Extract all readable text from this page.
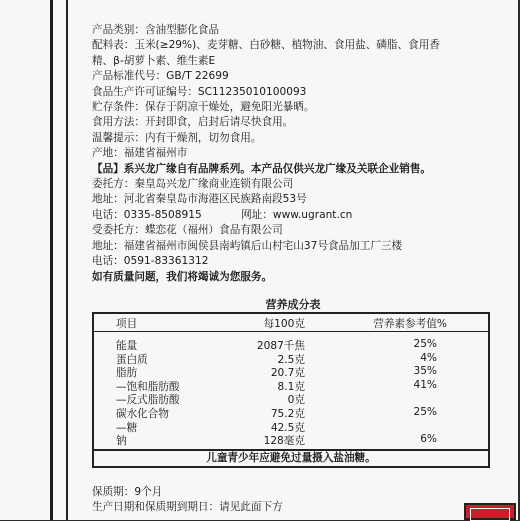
产品类别：含油型膨化食品
配料表：玉米(≥29%)、麦芽糖、白砂糖、植物油、食用盐、磷脂、食用香
精、β-胡萝卜素、维生素E
产品标准代号：GB/T 22699
食品生产许可证编号：SC11235010100093
贮存条件：保存于阴凉干燥处，避免阳光暴晒。
食用方法：开封即食，启封后请尽快食用。
温馨提示：内有干燥剂，切勿食用。
产地：福建省福州市
【品】系兴龙广缘自有品牌系列。本产品仅供兴龙广缘及关联企业销售。
委托方：秦皇岛兴龙广缘商业连锁有限公司
地址：河北省秦皇岛市海港区民族路南段53号
电话：0335-8508915	网址：www.ugrant.cn
受委托方：蝶恋花（福州）食品有限公司
地址：福建省福州市闽侯县南屿镇后山村宅山37号食品加工厂三楼
电话：0591-83361312
如有质量问题，我们将竭诚为您服务。
营养成分表
项目	每100克	营养素参考值%
能量	2087千焦	25%
蛋白质	2.5克	4%
脂肪	20.7克	35%
—饱和脂肪酸	8.1克	41%
—反式脂肪酸	0克
碳水化合物	75.2克	25%
—糖	42.5克
钠	128毫克	6%
儿童青少年应避免过量摄入盐油糖。
保质期：9个月
生产日期和保质期到期日：请见此面下方
